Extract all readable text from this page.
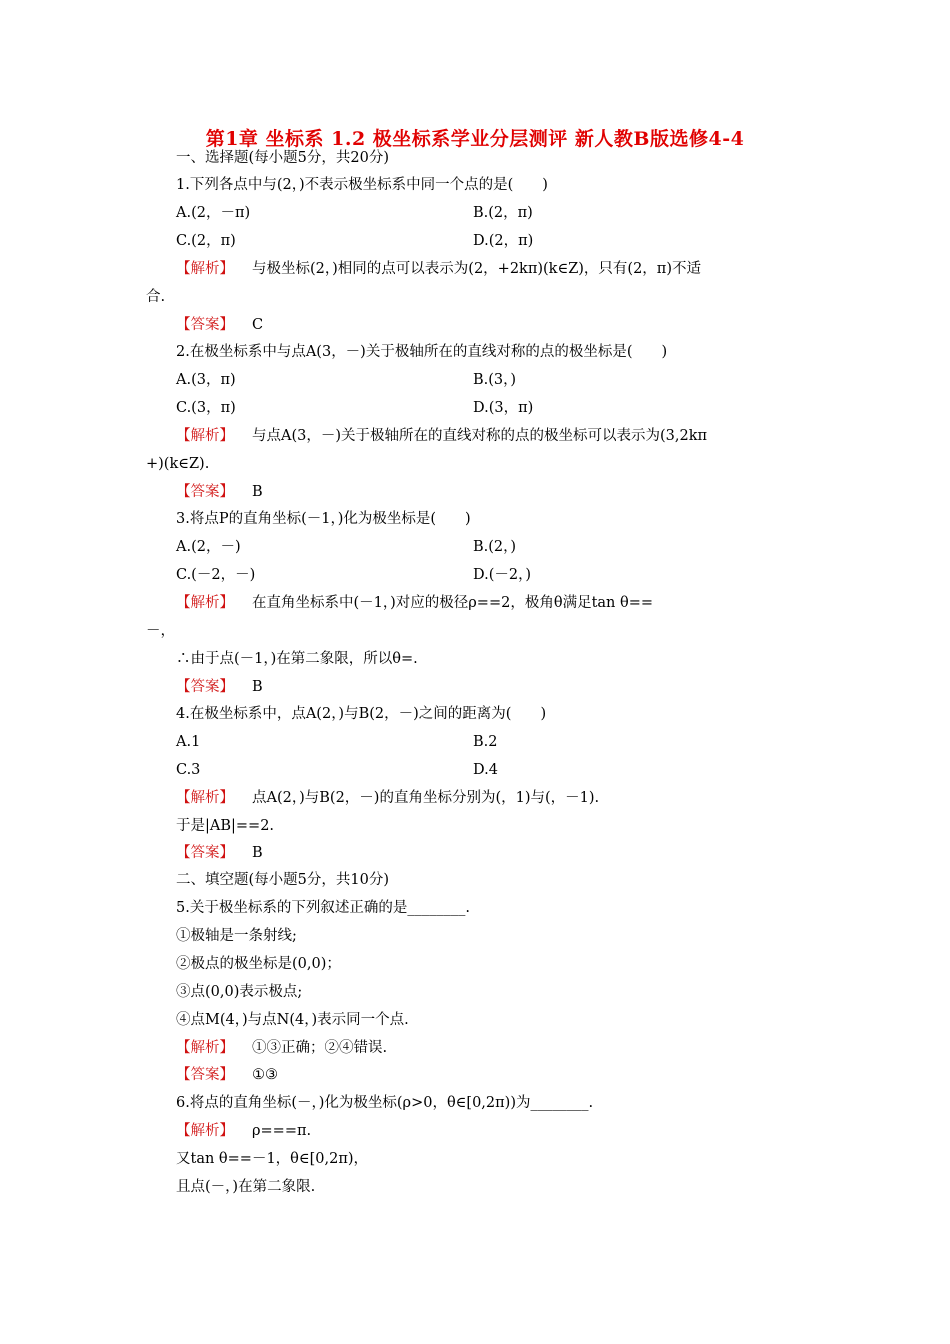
第1章 坐标系 1.2 极坐标系学业分层测评 新人教B版选修4-4
一、选择题(每小题5分，共20分)
1.下列各点中与(2，)不表示极坐标系中同一个点的是(　　)
A.(2，－π)	B.(2，π)
C.(2，π)	D.(2，π)
【解析】 与极坐标(2，)相同的点可以表示为(2，+2kπ)(k∈Z)，只有(2，π)不适
合.
【答案】 C
2.在极坐标系中与点A(3，－)关于极轴所在的直线对称的点的极坐标是(　　)
A.(3，π)	B.(3，)
C.(3，π)	D.(3，π)
【解析】 与点A(3，－)关于极轴所在的直线对称的点的极坐标可以表示为(3,2kπ
+)(k∈Z).
【答案】 B
3.将点P的直角坐标(－1，)化为极坐标是(　　)
A.(2，－)	B.(2，)
C.(－2，－)	D.(－2，)
【解析】 在直角坐标系中(－1，)对应的极径ρ==2，极角θ满足tan θ==
－，
∴由于点(－1，)在第二象限，所以θ=.
【答案】 B
4.在极坐标系中，点A(2，)与B(2，－)之间的距离为(　　)
A.1	B.2
C.3	D.4
【解析】 点A(2，)与B(2，－)的直角坐标分别为(，1)与(，－1).
于是|AB|==2.
【答案】 B
二、填空题(每小题5分，共10分)
5.关于极坐标系的下列叙述正确的是________.
①极轴是一条射线;
②极点的极坐标是(0,0)；
③点(0,0)表示极点;
④点M(4，)与点N(4，)表示同一个点.
【解析】 ①③正确；②④错误.
【答案】 ①③
6.将点的直角坐标(－，)化为极坐标(ρ>0，θ∈[0,2π))为________.
【解析】 ρ===π.
又tan θ==－1，θ∈[0,2π)，
且点(－，)在第二象限.
